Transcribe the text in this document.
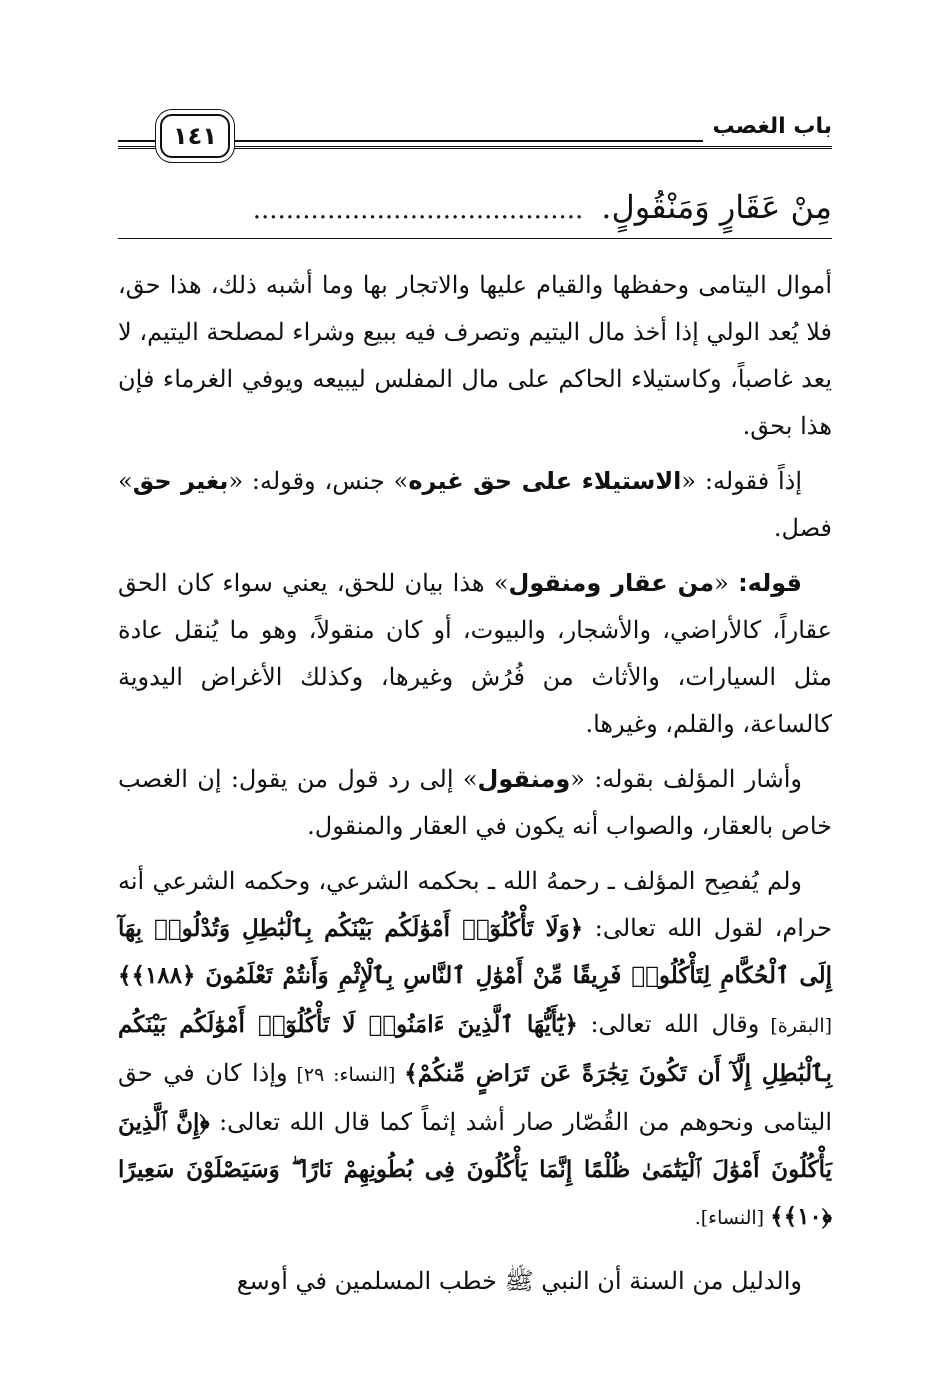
باب الغصب
١٤١
مِنْ عَقَارٍ وَمَنْقُولٍ.........................................

أموال اليتامى وحفظها والقيام عليها والاتجار بها وما أشبه ذلك، هذا حق، فلا يُعد الولي إذا أخذ مال اليتيم وتصرف فيه ببيع وشراء لمصلحة اليتيم، لا يعد غاصباً، وكاستيلاء الحاكم على مال المفلس ليبيعه ويوفي الغرماء فإن هذا بحق.

إذاً فقوله: «الاستيلاء على حق غيره» جنس، وقوله: «بغير حق» فصل.

قوله: «من عقار ومنقول» هذا بيان للحق، يعني سواء كان الحق عقاراً، كالأراضي، والأشجار، والبيوت، أو كان منقولاً، وهو ما يُنقل عادة مثل السيارات، والأثاث من فُرُش وغيرها، وكذلك الأغراض اليدوية كالساعة، والقلم، وغيرها.

وأشار المؤلف بقوله: «ومنقول» إلى رد قول من يقول: إن الغصب خاص بالعقار، والصواب أنه يكون في العقار والمنقول.

ولم يُفصِح المؤلف ـ رحمهُ الله ـ بحكمه الشرعي، وحكمه الشرعي أنه حرام، لقول الله تعالى: ﴿وَلَا تَأْكُلُوٓا۟ أَمْوَٰلَكُم بَيْنَكُم بِٱلْبَٰطِلِ وَتُدْلُوا۟ بِهَآ إِلَى ٱلْحُكَّامِ لِتَأْكُلُوا۟ فَرِيقًا مِّنْ أَمْوَٰلِ ٱلنَّاسِ بِٱلْإِثْمِ وَأَنتُمْ تَعْلَمُونَ ﴿١٨٨﴾﴾ [البقرة] وقال الله تعالى: ﴿يَٰٓأَيُّهَا ٱلَّذِينَ ءَامَنُوا۟ لَا تَأْكُلُوٓا۟ أَمْوَٰلَكُم بَيْنَكُم بِٱلْبَٰطِلِ إِلَّآ أَن تَكُونَ تِجَٰرَةً عَن تَرَاضٍ مِّنكُمْ﴾ [النساء: ٢٩] وإذا كان في حق اليتامى ونحوهم من القُصّار صار أشد إثماً كما قال الله تعالى: ﴿إِنَّ ٱلَّذِينَ يَأْكُلُونَ أَمْوَٰلَ ٱلْيَتَٰمَىٰ ظُلْمًا إِنَّمَا يَأْكُلُونَ فِى بُطُونِهِمْ نَارًا ۖ وَسَيَصْلَوْنَ سَعِيرًا ﴿١٠﴾﴾ [النساء].

والدليل من السنة أن النبي ﷺ خطب المسلمين في أوسع
